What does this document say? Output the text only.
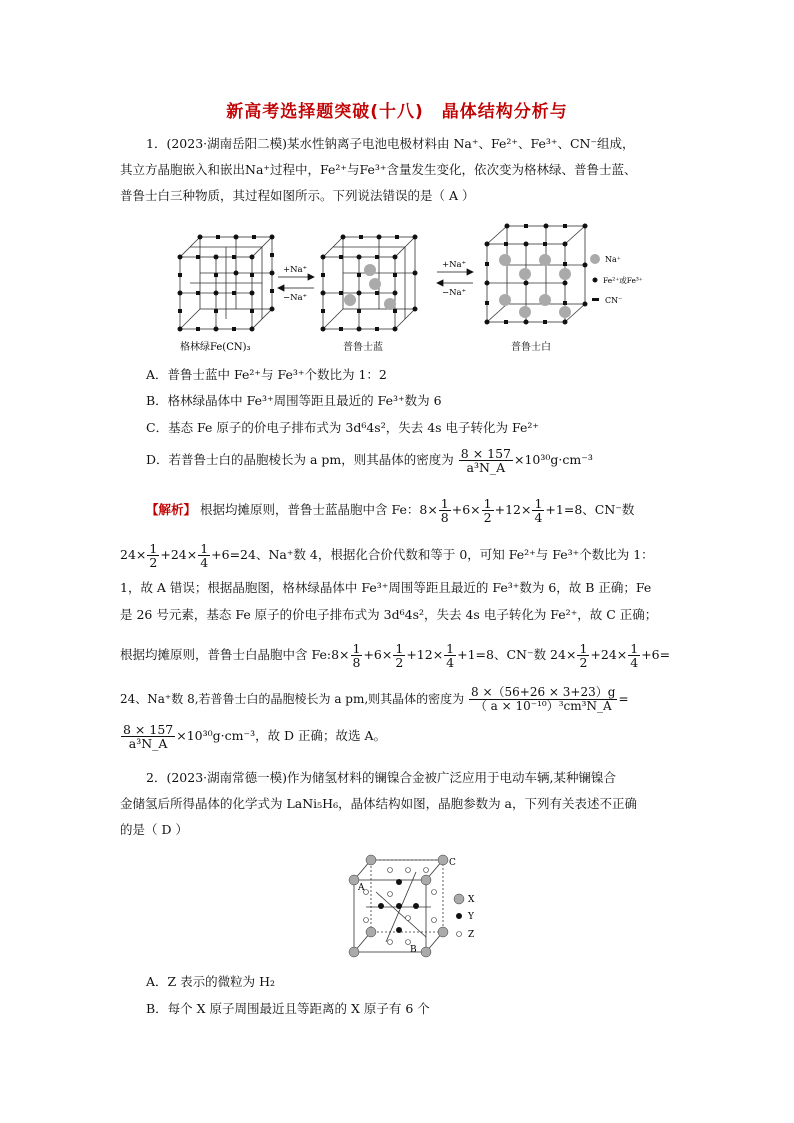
新高考选择题突破(十八)　晶体结构分析与
1．(2023·湖南岳阳二模)某水性钠离子电池电极材料由 Na⁺、Fe²⁺、Fe³⁺、CN⁻组成，
其立方晶胞嵌入和嵌出Na⁺过程中，Fe²⁺与Fe³⁺含量发生变化，依次变为格林绿、普鲁士蓝、
普鲁士白三种物质，其过程如图所示。下列说法错误的是（ A ）
格林绿Fe(CN)₃
+Na⁺
−Na⁺
普鲁士蓝
+Na⁺
−Na⁺
普鲁士白
Na⁺
Fe²⁺或Fe³⁺
CN⁻
A．普鲁士蓝中 Fe²⁺与 Fe³⁺个数比为 1：2
B．格林绿晶体中 Fe³⁺周围等距且最近的 Fe³⁺数为 6
C．基态 Fe 原子的价电子排布式为 3d⁶4s²，失去 4s 电子转化为 Fe²⁺
D．若普鲁士白的晶胞棱长为 a pm，则其晶体的密度为 $\frac{8 \times 157}{\text{a³N\_A}} \times 10^{30}g\cdot cm^{-3}$
【解析】 根据均摊原则，普鲁士蓝晶胞中含 Fe：$8\times \frac{1}{8} +6\times \frac{1}{2} +12\times \frac{1}{4} +1=8$、CN⁻数
$24\times \frac{1}{2} +24\times \frac{1}{4} +6=24$、Na⁺数 4，根据化合价代数和等于 0，可知 Fe²⁺与 Fe³⁺个数比为 1：
1，故 A 错误；根据晶胞图，格林绿晶体中 Fe³⁺周围等距且最近的 Fe³⁺数为 6，故 B 正确；Fe
是 26 号元素，基态 Fe 原子的价电子排布式为 3d⁶4s²，失去 4s 电子转化为 Fe²⁺，故 C 正确；
根据均摊原则，普鲁士白晶胞中含 Fe:8× $\frac{1}{8} +6\times \frac{1}{2} +12\times \frac{1}{4} +1=8$、CN⁻数 $24\times \frac{1}{2} +24\times \frac{1}{4} +6=$
24、Na⁺数 8,若普鲁士白的晶胞棱长为 a pm,则其晶体的密度为 $\frac{8 \times(56+26 \times 3+23)g}{\text{（ a × 10⁻¹⁰）³cm³N\_A}}$ =
$\frac{8 \times 157}{\text{a³N\_A}} \times 10^{30}g\cdot cm^{-3}$，故 D 正确；故选 A。
2．(2023·湖南常德一模)作为储氢材料的镧镍合金被广泛应用于电动车辆,某种镧镍合
金储氢后所得晶体的化学式为 LaNi₅H₆，晶体结构如图，晶胞参数为 a，下列有关表述不正确
的是（ D ）
A
B
C
X
Y
Z
A．Z 表示的微粒为 H₂
B．每个 X 原子周围最近且等距离的 X 原子有 6 个
